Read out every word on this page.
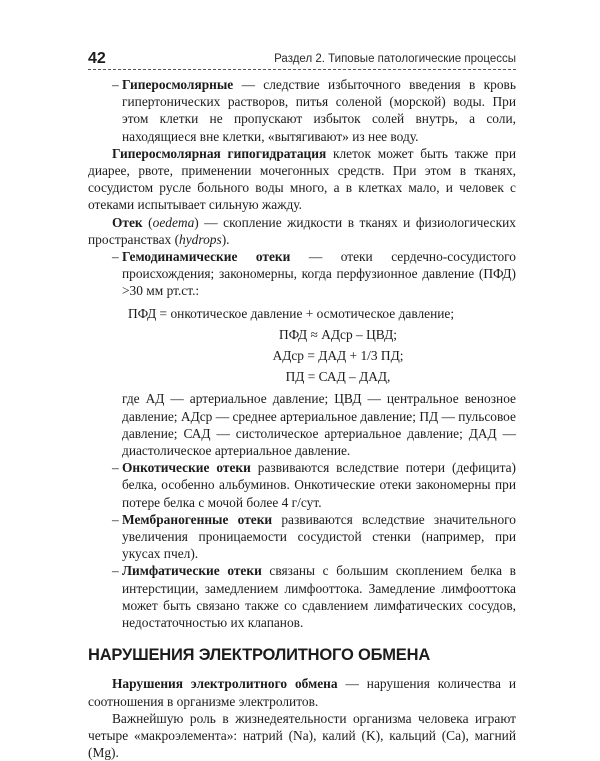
42	Раздел 2. Типовые патологические процессы

– Гиперосмолярные — следствие избыточного введения в кровь гипертонических растворов, питья соленой (морской) воды. При этом клетки не пропускают избыток солей внутрь, а соли, находящиеся вне клетки, «вытягивают» из нее воду.

Гиперосмолярная гипогидратация клеток может быть также при диарее, рвоте, применении мочегонных средств. При этом в тканях, сосудистом русле больного воды много, а в клетках мало, и человек с отеками испытывает сильную жажду.

Отек (oedema) — скопление жидкости в тканях и физиологических пространствах (hydrops).

– Гемодинамические отеки — отеки сердечно-сосудистого происхождения; закономерны, когда перфузионное давление (ПФД) >30 мм рт.ст.:

ПФД = онкотическое давление + осмотическое давление;

ПФД ≈ АДср – ЦВД;

АДср = ДАД + 1/3 ПД;

ПД = САД – ДАД,

где АД — артериальное давление; ЦВД — центральное венозное давление; АДср — среднее артериальное давление; ПД — пульсовое давление; САД — систолическое артериальное давление; ДАД — диастолическое артериальное давление.

– Онкотические отеки развиваются вследствие потери (дефицита) белка, особенно альбуминов. Онкотические отеки закономерны при потере белка с мочой более 4 г/сут.

– Мембраногенные отеки развиваются вследствие значительного увеличения проницаемости сосудистой стенки (например, при укусах пчел).

– Лимфатические отеки связаны с большим скоплением белка в интерстиции, замедлением лимфооттока. Замедление лимфооттока может быть связано также со сдавлением лимфатических сосудов, недостаточностью их клапанов.

НАРУШЕНИЯ ЭЛЕКТРОЛИТНОГО ОБМЕНА

Нарушения электролитного обмена — нарушения количества и соотношения в организме электролитов.

Важнейшую роль в жизнедеятельности организма человека играют четыре «макроэлемента»: натрий (Na), калий (K), кальций (Ca), магний (Mg).
